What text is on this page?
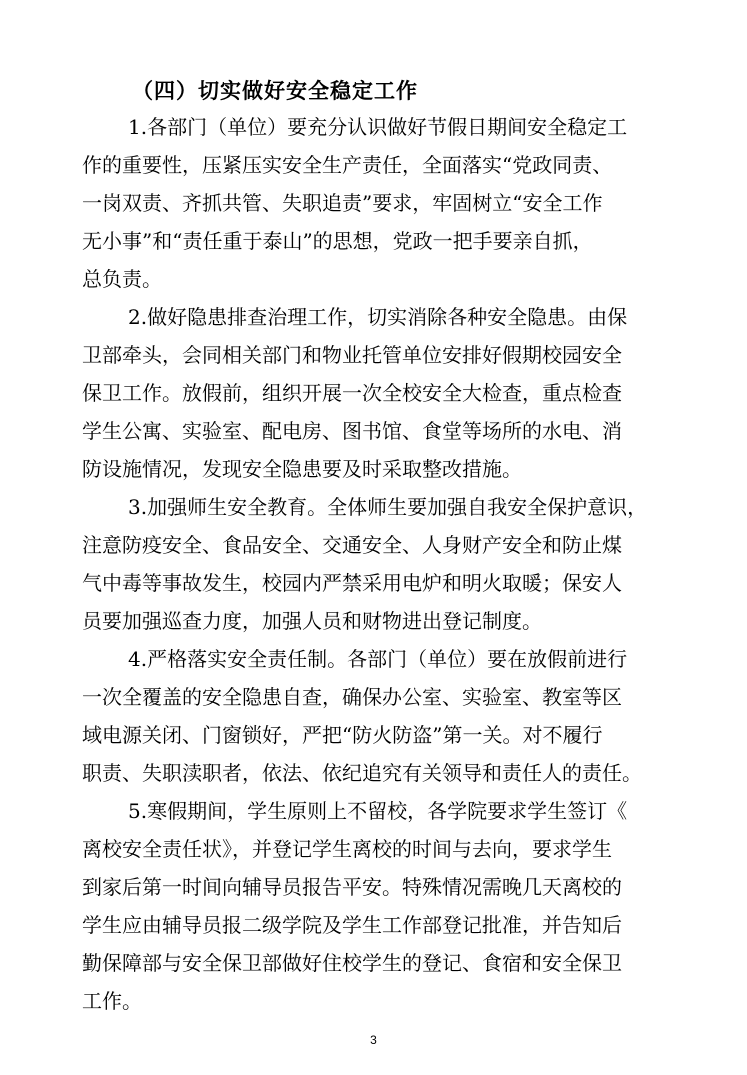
（四）切实做好安全稳定工作
1.各部门（单位）要充分认识做好节假日期间安全稳定工
作的重要性，压紧压实安全生产责任，全面落实“党政同责、
一岗双责、齐抓共管、失职追责”要求，牢固树立“安全工作
无小事”和“责任重于泰山”的思想，党政一把手要亲自抓，
总负责。
2.做好隐患排查治理工作，切实消除各种安全隐患。由保
卫部牵头，会同相关部门和物业托管单位安排好假期校园安全
保卫工作。放假前，组织开展一次全校安全大检查，重点检查
学生公寓、实验室、配电房、图书馆、食堂等场所的水电、消
防设施情况，发现安全隐患要及时采取整改措施。
3.加强师生安全教育。全体师生要加强自我安全保护意识，
注意防疫安全、食品安全、交通安全、人身财产安全和防止煤
气中毒等事故发生，校园内严禁采用电炉和明火取暖；保安人
员要加强巡查力度，加强人员和财物进出登记制度。
4.严格落实安全责任制。各部门（单位）要在放假前进行
一次全覆盖的安全隐患自查，确保办公室、实验室、教室等区
域电源关闭、门窗锁好，严把“防火防盗”第一关。对不履行
职责、失职渎职者，依法、依纪追究有关领导和责任人的责任。
5.寒假期间，学生原则上不留校，各学院要求学生签订《
离校安全责任状》，并登记学生离校的时间与去向，要求学生
到家后第一时间向辅导员报告平安。特殊情况需晚几天离校的
学生应由辅导员报二级学院及学生工作部登记批准，并告知后
勤保障部与安全保卫部做好住校学生的登记、食宿和安全保卫
工作。
3
